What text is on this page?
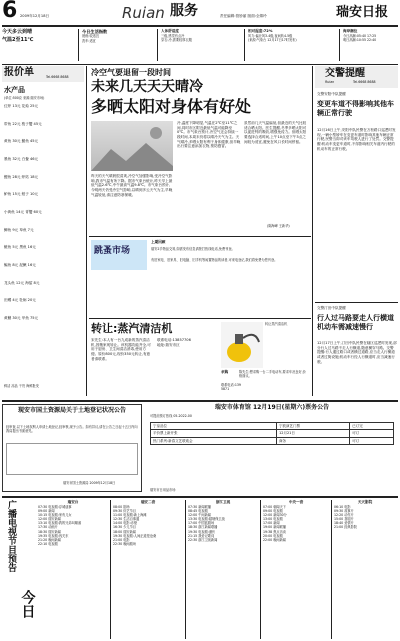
6 2009年12月18日	Ruian 服务	责任编辑:管妙丽 版面:全婧玲	瑞安日报
今天多云到晴
气温2至11℃
今日生活指数
晨练:较适宜
洗车:适宜
人体舒适度
三级,感觉有点冷
穿衣:冷,需要较厚衣服
相对湿度:72%
风力:偏北风3-4级,夜间转4-5级
(来源:气象台 12月17日17时发布)
海岸潮位
今日高潮:05:40 17:25
明日高潮:10:55 22:40
报价单	Tel.6668 8688
水产品
(单位:500克 来源:瑞安市场)
红虾 13元 花蛤 25元
带鱼 22元 梭子蟹 45元
黄鱼 30元 鲳鱼 45元
墨鱼 32元 白鲞 46元
鳗鱼 28元 虾姑 18元
鲈鱼 15元 蛏子 10元
小黄鱼 14元 青蟹 60元
鲫鱼 9元 草鱼 7元
鲢鱼 5元 黑鱼 16元
鳊鱼 8元 泥鳅 16元
龙头鱼 12元 海蜇 8元
田螺 4元 牡蛎 20元
黄鳝 30元 甲鱼 75元
鲜活 冻品 干货 海鲜批发
冷空气要退留一段时间
未来几天天天晴冷
多晒太阳对身体有好处
昨天的天气晴晨很清爽,冷空气加强影响,受冷空气影响,我市气温有所下降。据市气象台统计,昨天早上最低气温2.6℃,中午最高气温9.8℃。市气象台预计,今明两天仍受冷空气影响,以晴到多云天气为主,早晚气温较低,请注意防寒保暖。
冷,温度下降明显,气温在2℃至11℃之间,同时市区附近最低气温可能降至0℃。市气象台预计,冷空气还会持续一段时间,本周末仍将以晴冷天气为主。天气晴冷,多晒太阳有利于身体健康,但早晚出行要注意添加衣物,预防感冒。
虽然前几天气温偏低,但最近的天气比较适合晒太阳。医生提醒,冬季多晒太阳可以促进钙的吸收,增强免疫力。但晒太阳要选择合适时间,上午10点至下午3点之间较为适宜,避免在风口长时间停留。
(陈海峰 王新华)
交警提醒
Ruian	Tel.6668 8688
交警安阳中队提醒
变更车道不得影响其他车辆正常行驶
12月16日上午,安阳中队民警在万松路口巡逻时发现,一辆小型轿车在变更车道时影响其他车辆正常行驶,民警当即对该车驾驶人进行了处罚。交警提醒:机动车变更车道时,不得影响相关车道内行驶的机动车的正常行驶。
交警汀田中队提醒
行人过马路要走人行横道机动车需减速慢行
12月17日上午,汀田中队民警在辖区巡逻时发现,部分行人过马路不走人行横道,随意横穿马路。交警提醒:行人通过路口或者横过道路,应当走人行横道或者过街设施;机动车行经人行横道时,应当减速行驶。
跳蚤市场
上期回顾
瑞安2手物品交易,如需发布信息请拨打热线电话,免费刊登。
有旧家电、旧家具、旧电脑、旧手机等闲置物品的读者,可来电登记,我们将免费为您刊登。
转让:蒸汽清洁机
宋先生:本人有一台九成新的蒸汽清洁机,因搬家现转让。该机器功能齐全,可用于厨房、卫生间清洁消毒,使用方便。原价800元,现价350元转让,有意者请联系。
联系电话:13857706
地址:瑞安市区
转让蒸汽清洁机
求购	陈先生:想求购一台二手电动车,要求车况良好,价格面议。
联系电话:139
5871
现安市国土资源局关于土地登记状况公告
经审查,以下土地权利人申请土地登记,经审核,现予公告。如有异议,请在公告之日起十五日内向我局提出书面意见。
瑞安市国土资源局 2009年12月18日
瑞安市体育馆 12月19日(星期六)票务公告
可提前预订热线 05-2022-00
宁皇品位	宁波演艺门票	已订完
平价票上新开张	12月21日	可订
热门系列:新春文艺联欢会	商务	可订
广播电视节目预告
今日
瑞安台
07:30 电视剧:浮城谜事
09:00 新闻
10:15 电视剧:家有儿女
12:00 瑞安新闻
13:10 电视剧:我的兄弟叫顺溜
17:30 动画片
18:30 瑞安新闻
19:35 电视剧:闯关东
21:20 晚间新闻
22:10 电视剧
瑞安二套
08:00 剧场
09:30 综艺节目
11:00 电视剧:新上海滩
12:30 生活百事通
14:00 电影:赤壁
16:30 少儿节目
18:00 瑞安新闻
19:30 电视剧:人间正道是沧桑
21:00 电影
22:30 晚间剧场
浙江卫视
07:30 新闻联播
08:45 电视剧
12:00 午间新闻
13:30 电视剧:婚姻保卫战
17:00 中国蓝剧场
18:30 浙江新闻联播
19:30 电视剧:潜伏
21:15 我爱记歌词
22:30 浙江卫视新闻
中央一套
07:00 朝闻天下
09:00 电视剧
12:00 新闻30分
13:00 电视剧
17:00 新闻
19:00 新闻联播
19:38 焦点访谈
20:00 电视剧
22:00 晚间新闻
天天影院
06:10 电影
09:30 故事片
12:20 动作片
15:00 喜剧片
18:40 爱情片
21:00 经典影院
瑞安市日用品市场
